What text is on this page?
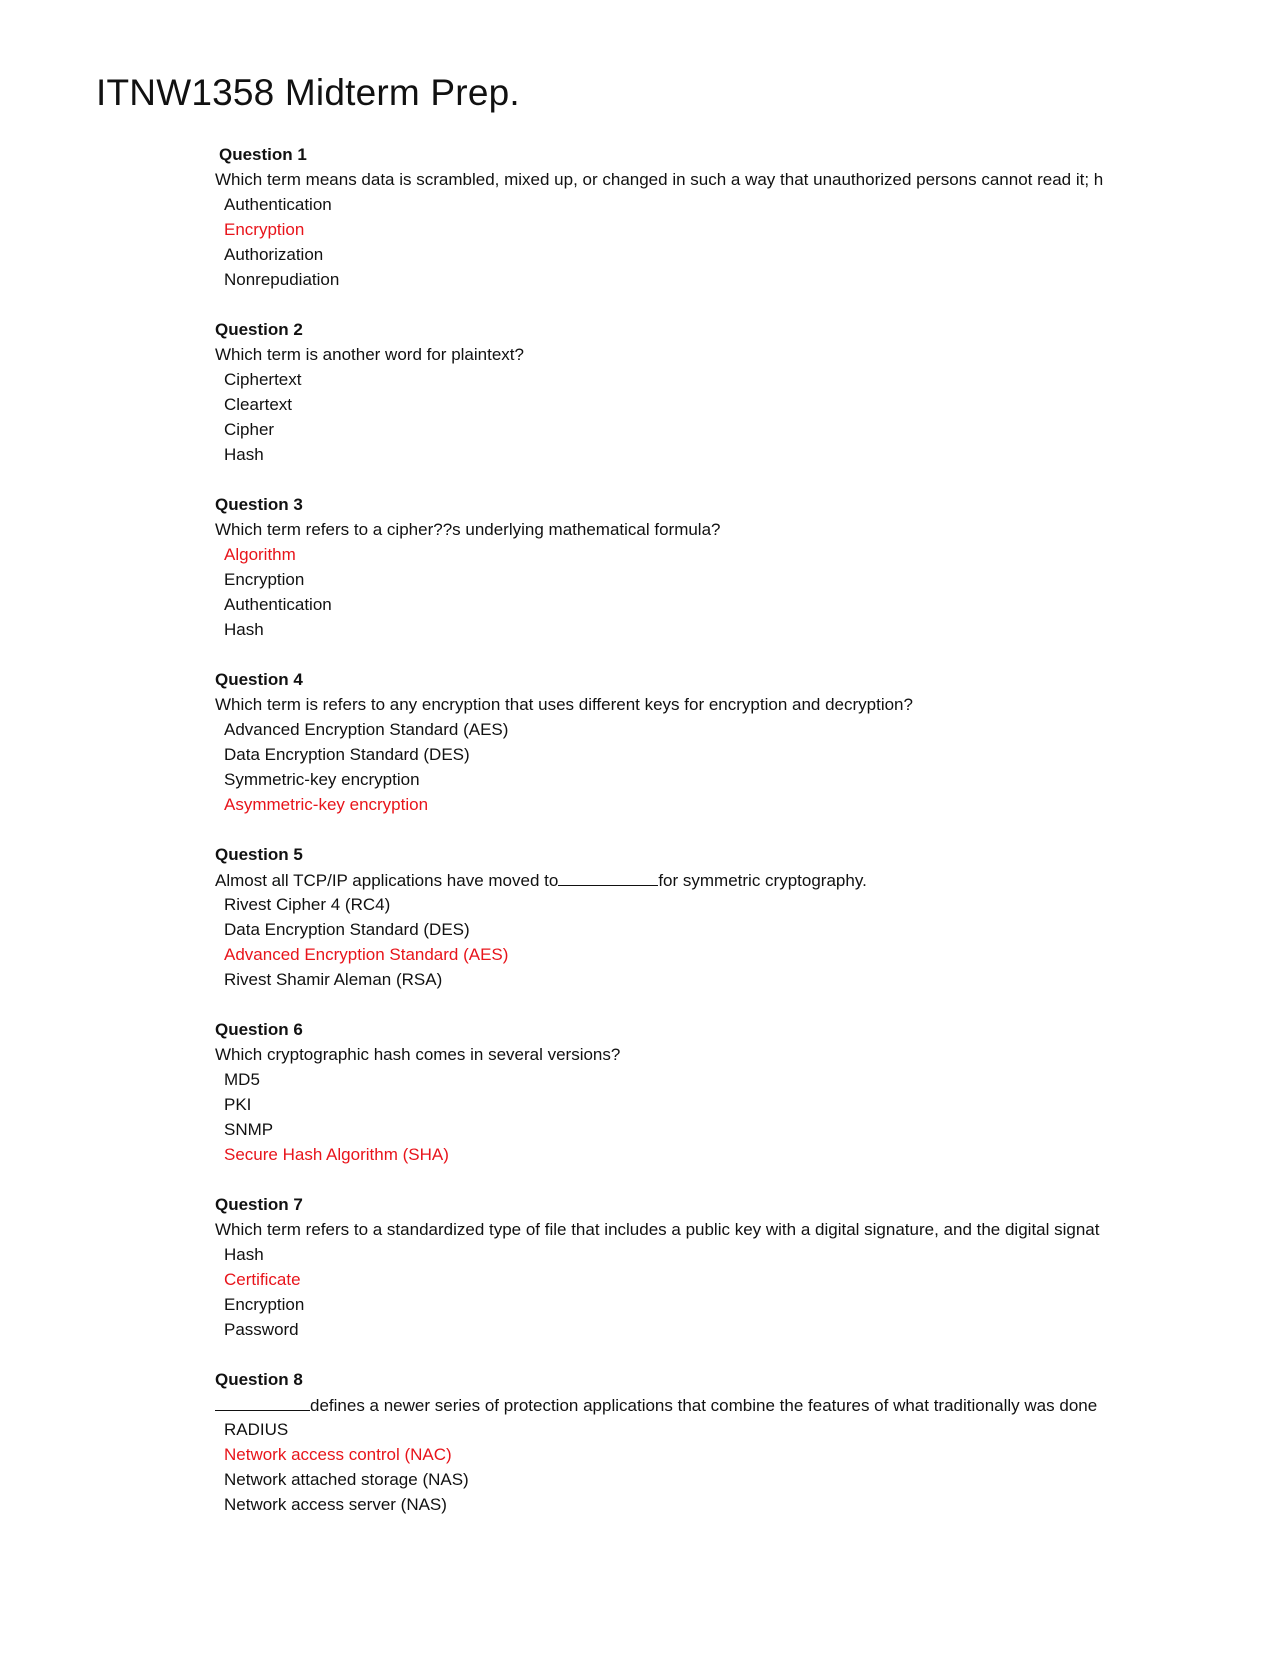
ITNW1358 Midterm Prep.
Question 1
Which term means data is scrambled, mixed up, or changed in such a way that unauthorized persons cannot read it; h
Authentication
Encryption
Authorization
Nonrepudiation
Question 2
Which term is another word for plaintext?
Ciphertext
Cleartext
Cipher
Hash
Question 3
Which term refers to a cipher??s underlying mathematical formula?
Algorithm
Encryption
Authentication
Hash
Question 4
Which term is refers to any encryption that uses different keys for encryption and decryption?
Advanced Encryption Standard (AES)
Data Encryption Standard (DES)
Symmetric-key encryption
Asymmetric-key encryption
Question 5
Almost all TCP/IP applications have moved to	for symmetric cryptography.
Rivest Cipher 4 (RC4)
Data Encryption Standard (DES)
Advanced Encryption Standard (AES)
Rivest Shamir Aleman (RSA)
Question 6
Which cryptographic hash comes in several versions?
MD5
PKI
SNMP
Secure Hash Algorithm (SHA)
Question 7
Which term refers to a standardized type of file that includes a public key with a digital signature, and the digital signat
Hash
Certificate
Encryption
Password
Question 8
defines a newer series of protection applications that combine the features of what traditionally was done
RADIUS
Network access control (NAC)
Network attached storage (NAS)
Network access server (NAS)
